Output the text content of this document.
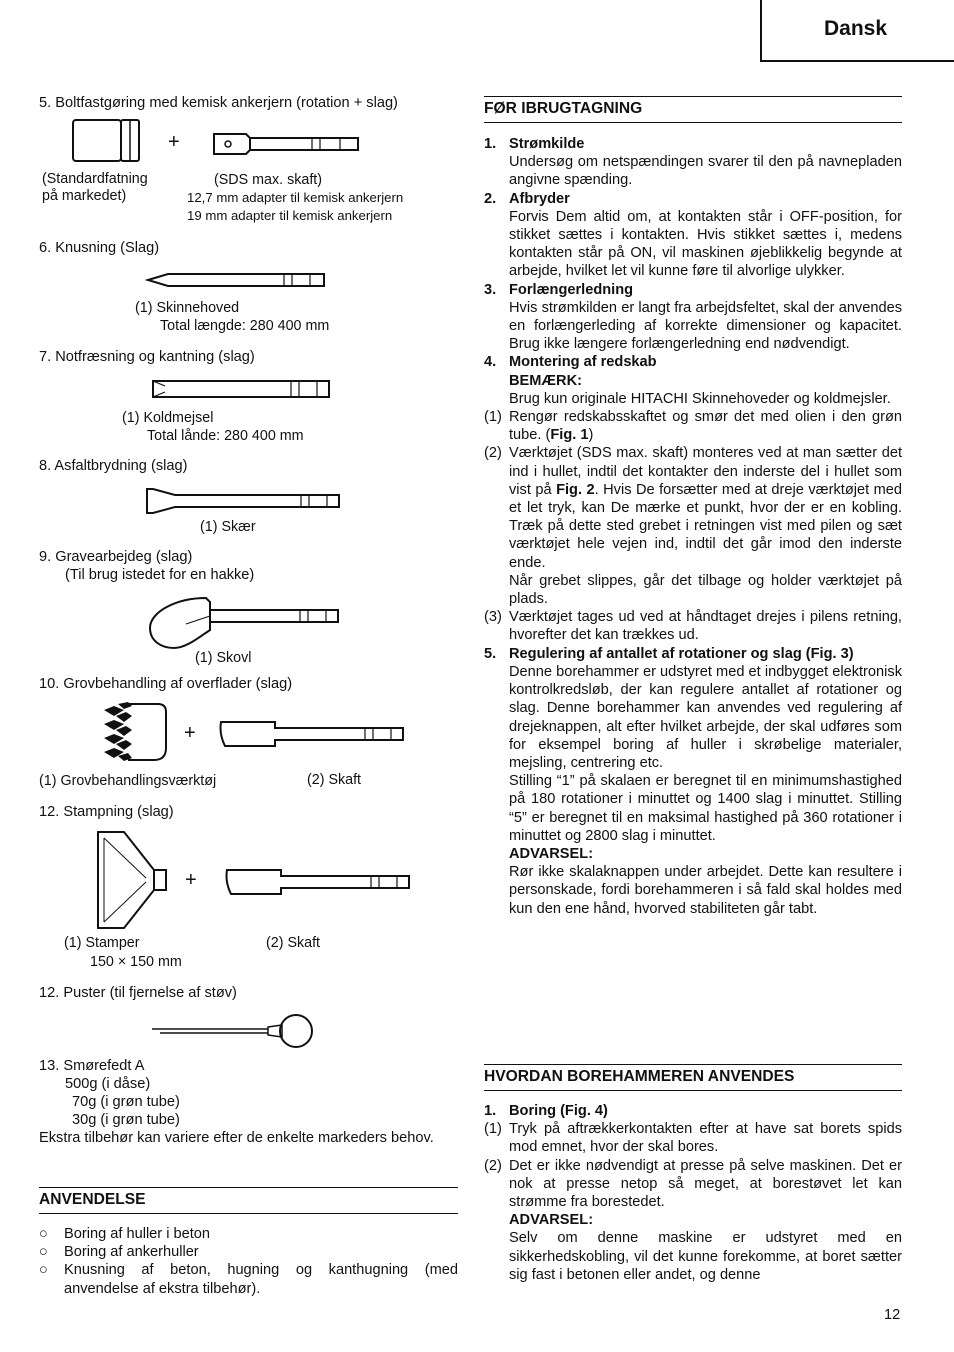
Dansk
5. Boltfastgøring med kemisk ankerjern (rotation + slag)
+
(Standardfatning
på markedet)
(SDS max. skaft)
12,7 mm adapter til kemisk ankerjern
19 mm adapter til kemisk ankerjern
6. Knusning (Slag)
(1) Skinnehoved
Total længde: 280 400 mm
7. Notfræsning og kantning (slag)
(1) Koldmejsel
Total lånde: 280 400 mm
8. Asfaltbrydning (slag)
(1) Skær
9. Gravearbejdeg (slag)
(Til brug istedet for en hakke)
(1) Skovl
10. Grovbehandling af overflader (slag)
+
(1) Grovbehandlingsværktøj	(2) Skaft
12. Stampning (slag)
+
(1) Stamper
150 × 150 mm
(2) Skaft
12. Puster (til fjernelse af støv)
13. Smørefedt A
500g (i dåse)
70g (i grøn tube)
30g (i grøn tube)
Ekstra tilbehør kan variere efter de enkelte markeders behov.
ANVENDELSE
○	Boring af huller i beton
○	Boring af ankerhuller
○	Knusning af beton, hugning og kanthugning (med anvendelse af ekstra tilbehør).
FØR IBRUGTAGNING
1. Strømkilde
Undersøg om netspændingen svarer til den på navnepladen angivne spænding.
2. Afbryder
Forvis Dem altid om, at kontakten står i OFF-position, for stikket sættes i kontakten. Hvis stikket sættes i, medens kontakten står på ON, vil maskinen øjeblikkelig begynde at arbejde, hvilket let vil kunne føre til alvorlige ulykker.
3. Forlængerledning
Hvis strømkilden er langt fra arbejdsfeltet, skal der anvendes en forlængerleding af korrekte dimensioner og kapacitet. Brug ikke længere forlængerledning end nødvendigt.
4. Montering af redskab
BEMÆRK:
Brug kun originale HITACHI Skinnehoveder og koldmejsler.
(1) Rengør redskabsskaftet og smør det med olien i den grøn tube. (Fig. 1)
(2) Værktøjet (SDS max. skaft) monteres ved at man sætter det ind i hullet, indtil det kontakter den inderste del i hullet som vist på Fig. 2. Hvis De forsætter med at dreje værktøjet med et let tryk, kan De mærke et punkt, hvor der er en kobling. Træk på dette sted grebet i retningen vist med pilen og sæt værktøjet hele vejen ind, indtil det går imod den inderste ende.
Når grebet slippes, går det tilbage og holder værktøjet på plads.
(3) Værktøjet tages ud ved at håndtaget drejes i pilens retning, hvorefter det kan trækkes ud.
5. Regulering af antallet af rotationer og slag (Fig. 3)
Denne borehammer er udstyret med et indbygget elektronisk kontrolkredsløb, der kan regulere antallet af rotationer og slag. Denne borehammer kan anvendes ved regulering af drejeknappen, alt efter hvilket arbejde, der skal udføres som for eksempel boring af huller i skrøbelige materialer, mejsling, centrering etc.
Stilling “1” på skalaen er beregnet til en minimumshastighed på 180 rotationer i minuttet og 1400 slag i minuttet. Stilling “5” er beregnet til en maksimal hastighed på 360 rotationer i minuttet og 2800 slag i minuttet.
ADVARSEL:
Rør ikke skalaknappen under arbejdet. Dette kan resultere i personskade, fordi borehammeren i så fald skal holdes med kun den ene hånd, hvorved stabiliteten går tabt.
HVORDAN BOREHAMMEREN ANVENDES
1. Boring (Fig. 4)
(1) Tryk på aftrækkerkontakten efter at have sat borets spids mod emnet, hvor der skal bores.
(2) Det er ikke nødvendigt at presse på selve maskinen. Det er nok at presse netop så meget, at borestøvet let kan strømme fra borestedet.
ADVARSEL:
Selv om denne maskine er udstyret med en sikkerhedskobling, vil det kunne forekomme, at boret sætter sig fast i betonen eller andet, og denne
12
